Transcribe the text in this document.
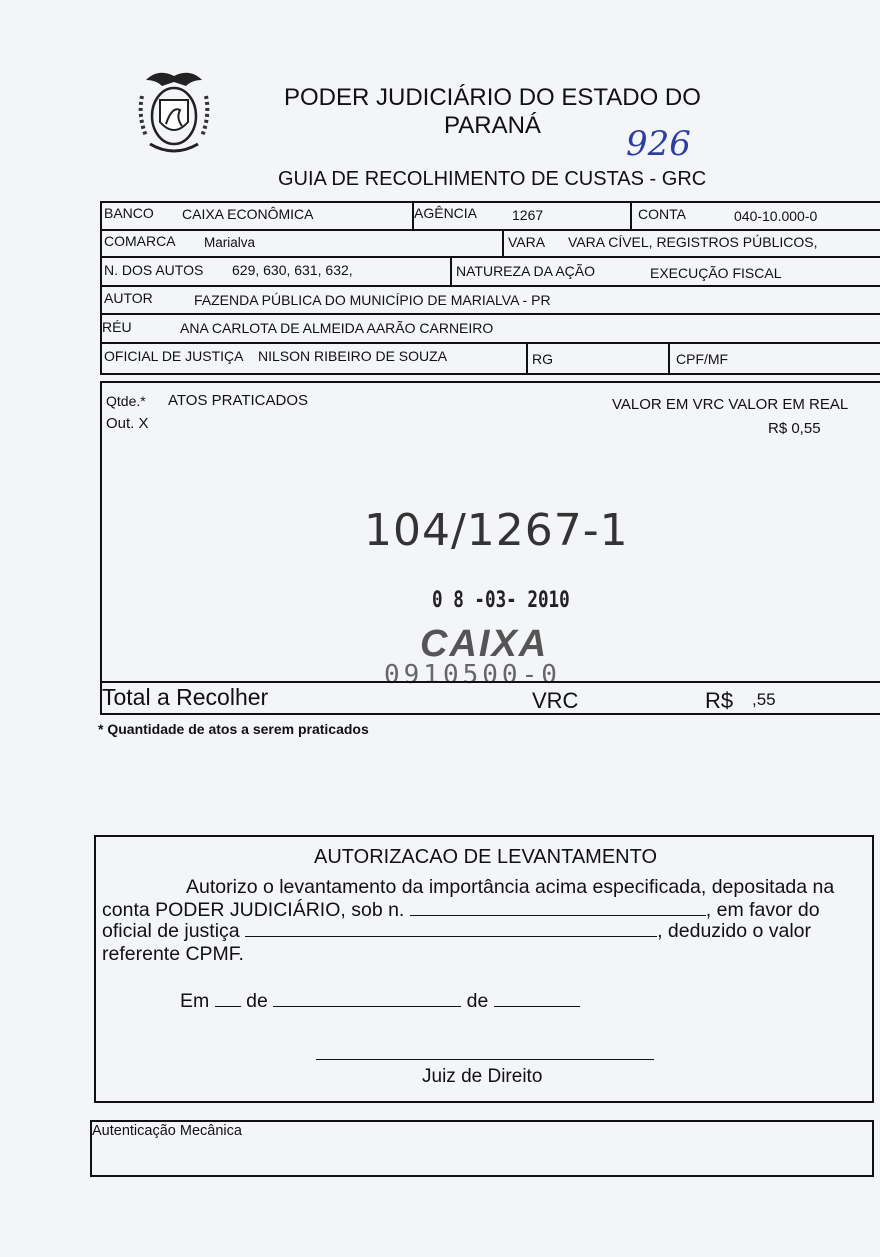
PODER JUDICIÁRIO DO ESTADO DO
PARANÁ	926
GUIA DE RECOLHIMENTO DE CUSTAS - GRC
BANCO CAIXA ECONÔMICA	AGÊNCIA 1267	CONTA	040-10.000-0
COMARCA Marialva	VARA VARA CÍVEL, REGISTROS PÚBLICOS,
N. DOS AUTOS 629, 630, 631, 632,	NATUREZA DA AÇÃO	EXECUÇÃO FISCAL
AUTOR	FAZENDA PÚBLICA DO MUNICÍPIO DE MARIALVA - PR
RÉU	ANA CARLOTA DE ALMEIDA AARÃO CARNEIRO
OFICIAL DE JUSTIÇA NILSON RIBEIRO DE SOUZA	RG	CPF/MF
Qtde.* ATOS PRATICADOS	VALOR EM VRC VALOR EM REAL
Out. X	R$ 0,55
104/1267-1
0 8 -03- 2010
CAIXA
0910500-0
Total a Recolher	VRC	R$ ,55
* Quantidade de atos a serem praticados
AUTORIZACAO DE LEVANTAMENTO
Autorizo o levantamento da importância acima especificada, depositada na
conta PODER JUDICIÁRIO, sob n.	, em favor do
oficial de justiça	, deduzido o valor
referente CPMF.
Em de	de
Juiz de Direito
Autenticação Mecânica
